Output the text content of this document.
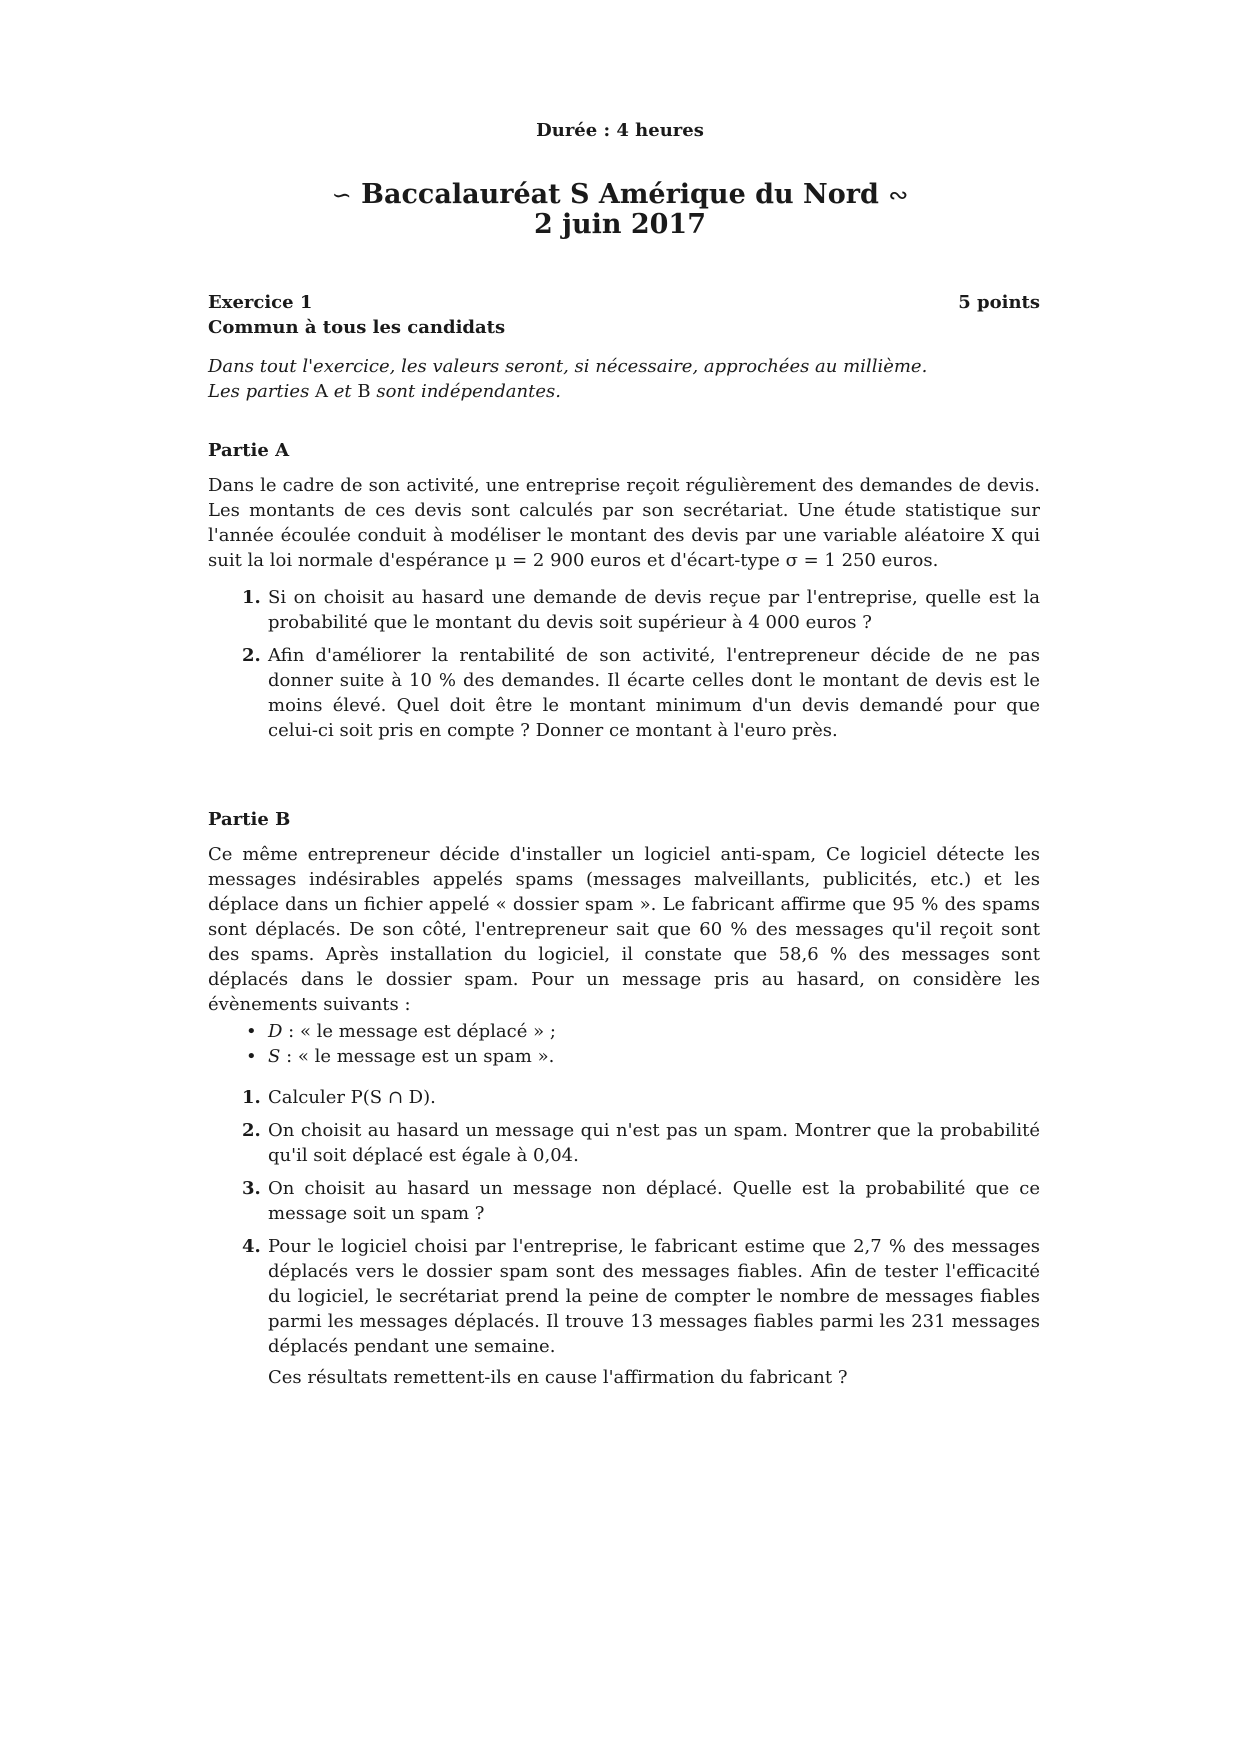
Durée : 4 heures
∽ Baccalauréat S Amérique du Nord ∾
2 juin 2017
Exercice 1	5 points
Commun à tous les candidats
Dans tout l'exercice, les valeurs seront, si nécessaire, approchées au millième.
Les parties A et B sont indépendantes.
Partie A
Dans le cadre de son activité, une entreprise reçoit régulièrement des demandes de devis. Les montants de ces devis sont calculés par son secrétariat. Une étude statistique sur l'année écoulée conduit à modéliser le montant des devis par une variable aléatoire X qui suit la loi normale d'espérance μ = 2 900 euros et d'écart-type σ = 1 250 euros.
1. Si on choisit au hasard une demande de devis reçue par l'entreprise, quelle est la probabilité que le montant du devis soit supérieur à 4 000 euros ?
2. Afin d'améliorer la rentabilité de son activité, l'entrepreneur décide de ne pas donner suite à 10 % des demandes. Il écarte celles dont le montant de devis est le moins élevé. Quel doit être le montant minimum d'un devis demandé pour que celui-ci soit pris en compte ? Donner ce montant à l'euro près.
Partie B
Ce même entrepreneur décide d'installer un logiciel anti-spam, Ce logiciel détecte les messages indésirables appelés spams (messages malveillants, publicités, etc.) et les déplace dans un fichier appelé « dossier spam ». Le fabricant affirme que 95 % des spams sont déplacés. De son côté, l'entrepreneur sait que 60 % des messages qu'il reçoit sont des spams. Après installation du logiciel, il constate que 58,6 % des messages sont déplacés dans le dossier spam. Pour un message pris au hasard, on considère les évènements suivants :
• D : « le message est déplacé » ;
• S : « le message est un spam ».
1. Calculer P(S ∩ D).
2. On choisit au hasard un message qui n'est pas un spam. Montrer que la probabilité qu'il soit déplacé est égale à 0,04.
3. On choisit au hasard un message non déplacé. Quelle est la probabilité que ce message soit un spam ?
4. Pour le logiciel choisi par l'entreprise, le fabricant estime que 2,7 % des messages déplacés vers le dossier spam sont des messages fiables. Afin de tester l'efficacité du logiciel, le secrétariat prend la peine de compter le nombre de messages fiables parmi les messages déplacés. Il trouve 13 messages fiables parmi les 231 messages déplacés pendant une semaine.
Ces résultats remettent-ils en cause l'affirmation du fabricant ?
